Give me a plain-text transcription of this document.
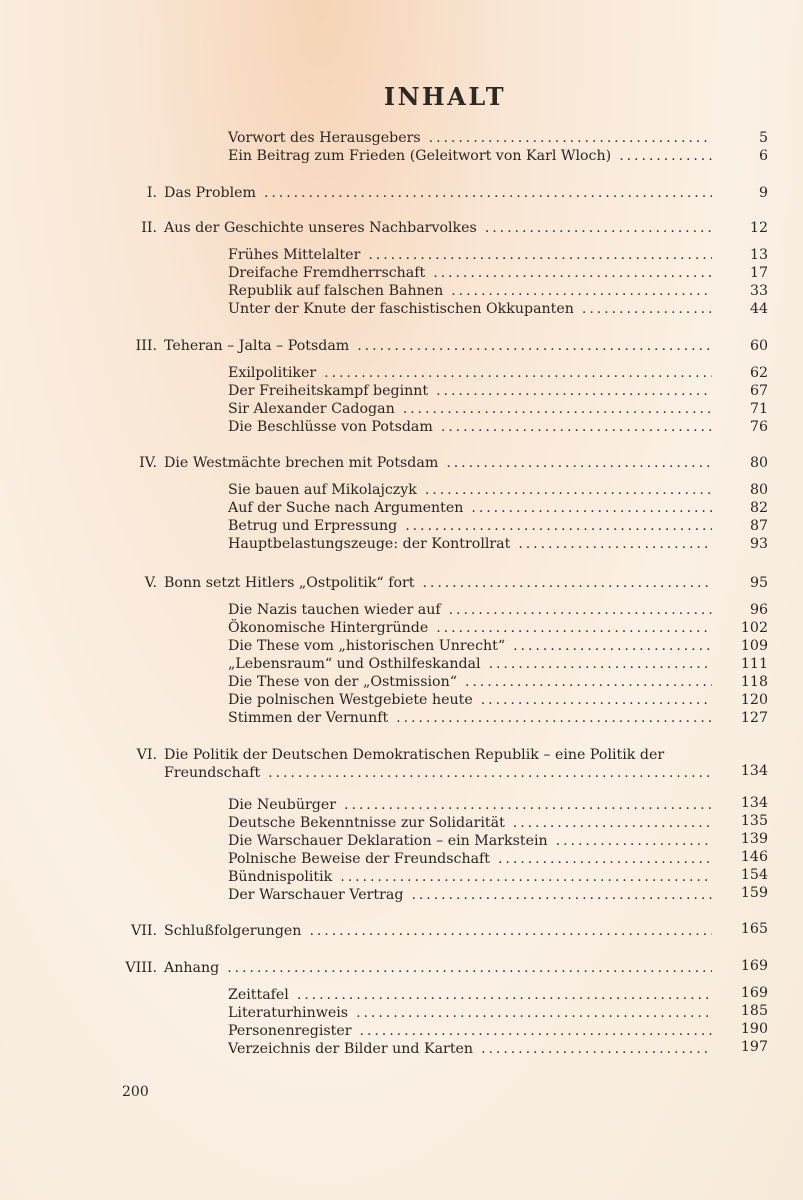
INHALT
Vorwort des Herausgebers . . .	5
Ein Beitrag zum Frieden (Geleitwort von Karl Wloch) . . .	6
I. Das Problem . . .	9
II. Aus der Geschichte unseres Nachbarvolkes . . .	12
Frühes Mittelalter . . .	13
Dreifache Fremdherrschaft . . .	17
Republik auf falschen Bahnen . . .	33
Unter der Knute der faschistischen Okkupanten . . .	44
III. Teheran – Jalta – Potsdam . . .	60
Exilpolitiker . . .	62
Der Freiheitskampf beginnt . . .	67
Sir Alexander Cadogan . . .	71
Die Beschlüsse von Potsdam . . .	76
IV. Die Westmächte brechen mit Potsdam . . .	80
Sie bauen auf Mikolajczyk . . .	80
Auf der Suche nach Argumenten . . .	82
Betrug und Erpressung . . .	87
Hauptbelastungszeuge: der Kontrollrat . . .	93
V. Bonn setzt Hitlers „Ostpolitik“ fort . . .	95
Die Nazis tauchen wieder auf . . .	96
Ökonomische Hintergründe . . .	102
Die These vom „historischen Unrecht“ . . .	109
„Lebensraum“ und Osthilfeskandal . . .	111
Die These von der „Ostmission“ . . .	118
Die polnischen Westgebiete heute . . .	120
Stimmen der Vernunft . . .	127
VI. Die Politik der Deutschen Demokratischen Republik – eine Politik der
Freundschaft . . .	134
Die Neubürger . . .	134
Deutsche Bekenntnisse zur Solidarität . . .	135
Die Warschauer Deklaration – ein Markstein . . .	139
Polnische Beweise der Freundschaft . . .	146
Bündnispolitik . . .	154
Der Warschauer Vertrag . . .	159
VII. Schlußfolgerungen . . .	165
VIII. Anhang . . .	169
Zeittafel . . .	169
Literaturhinweis . . .	185
Personenregister . . .	190
Verzeichnis der Bilder und Karten . . .	197
200
